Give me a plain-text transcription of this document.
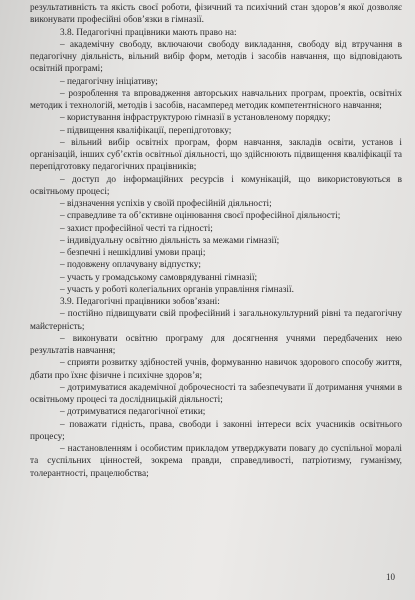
результативність та якість своєї роботи, фізичний та психічний стан здоров’я якої дозволяє виконувати професійні обов’язки в гімназії.

3.8. Педагогічні працівники мають право на:

– академічну свободу, включаючи свободу викладання, свободу від втручання в педагогічну діяльність, вільний вибір форм, методів і засобів навчання, що відповідають освітній програмі;

– педагогічну ініціативу;

– розроблення та впровадження авторських навчальних програм, проектів, освітніх методик і технологій, методів і засобів, насамперед методик компетентнісного навчання;

– користування інфраструктурою гімназії в установленому порядку;

– підвищення кваліфікації, перепідготовку;

– вільний вибір освітніх програм, форм навчання, закладів освіти, установ і організацій, інших суб’єктів освітньої діяльності, що здійснюють підвищення кваліфікації та перепідготовку педагогічних працівників;

– доступ до інформаційних ресурсів і комунікацій, що використовуються в освітньому процесі;

– відзначення успіхів у своїй професійній діяльності;

– справедливе та об’єктивне оцінювання своєї професійної діяльності;

– захист професійної честі та гідності;

– індивідуальну освітню діяльність за межами гімназії;

– безпечні і нешкідливі умови праці;

– подовжену оплачувану відпустку;

– участь у громадському самоврядуванні гімназії;

– участь у роботі колегіальних органів управління гімназії.

3.9. Педагогічні працівники зобов’язані:

– постійно підвищувати свій професійний і загальнокультурний рівні та педагогічну майстерність;

– виконувати освітню програму для досягнення учнями передбачених нею результатів навчання;

– сприяти розвитку здібностей учнів, формуванню навичок здорового способу життя, дбати про їхнє фізичне і психічне здоров’я;

– дотримуватися академічної доброчесності та забезпечувати її дотримання учнями в освітньому процесі та дослідницькій діяльності;

– дотримуватися педагогічної етики;

– поважати гідність, права, свободи і законні інтереси всіх учасників освітнього процесу;

– настановленням і особистим прикладом утверджувати повагу до суспільної моралі та суспільних цінностей, зокрема правди, справедливості, патріотизму, гуманізму, толерантності, працелюбства;

10
